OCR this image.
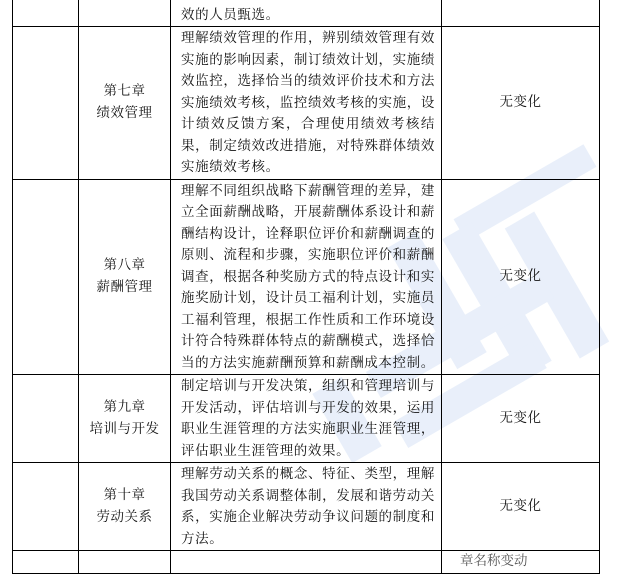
		效的人员甄选。	

	第七章
绩效管理	理解绩效管理的作用，辨别绩效管理有效实施的影响因素，制订绩效计划，实施绩效监控，选择恰当的绩效评价技术和方法实施绩效考核，监控绩效考核的实施，设计绩效反馈方案，合理使用绩效考核结果，制定绩效改进措施，对特殊群体绩效实施绩效考核。	无变化

	第八章
薪酬管理	理解不同组织战略下薪酬管理的差异，建立全面薪酬战略，开展薪酬体系设计和薪酬结构设计，诠释职位评价和薪酬调查的原则、流程和步骤，实施职位评价和薪酬调查，根据各种奖励方式的特点设计和实施奖励计划，设计员工福利计划，实施员工福利管理，根据工作性质和工作环境设计符合特殊群体特点的薪酬模式，选择恰当的方法实施薪酬预算和薪酬成本控制。	无变化

	第九章
培训与开发	制定培训与开发决策，组织和管理培训与开发活动，评估培训与开发的效果，运用职业生涯管理的方法实施职业生涯管理，评估职业生涯管理的效果。	无变化

	第十章
劳动关系	理解劳动关系的概念、特征、类型，理解我国劳动关系调整体制，发展和谐劳动关系，实施企业解决劳动争议问题的制度和方法。	无变化
			章名称变动
